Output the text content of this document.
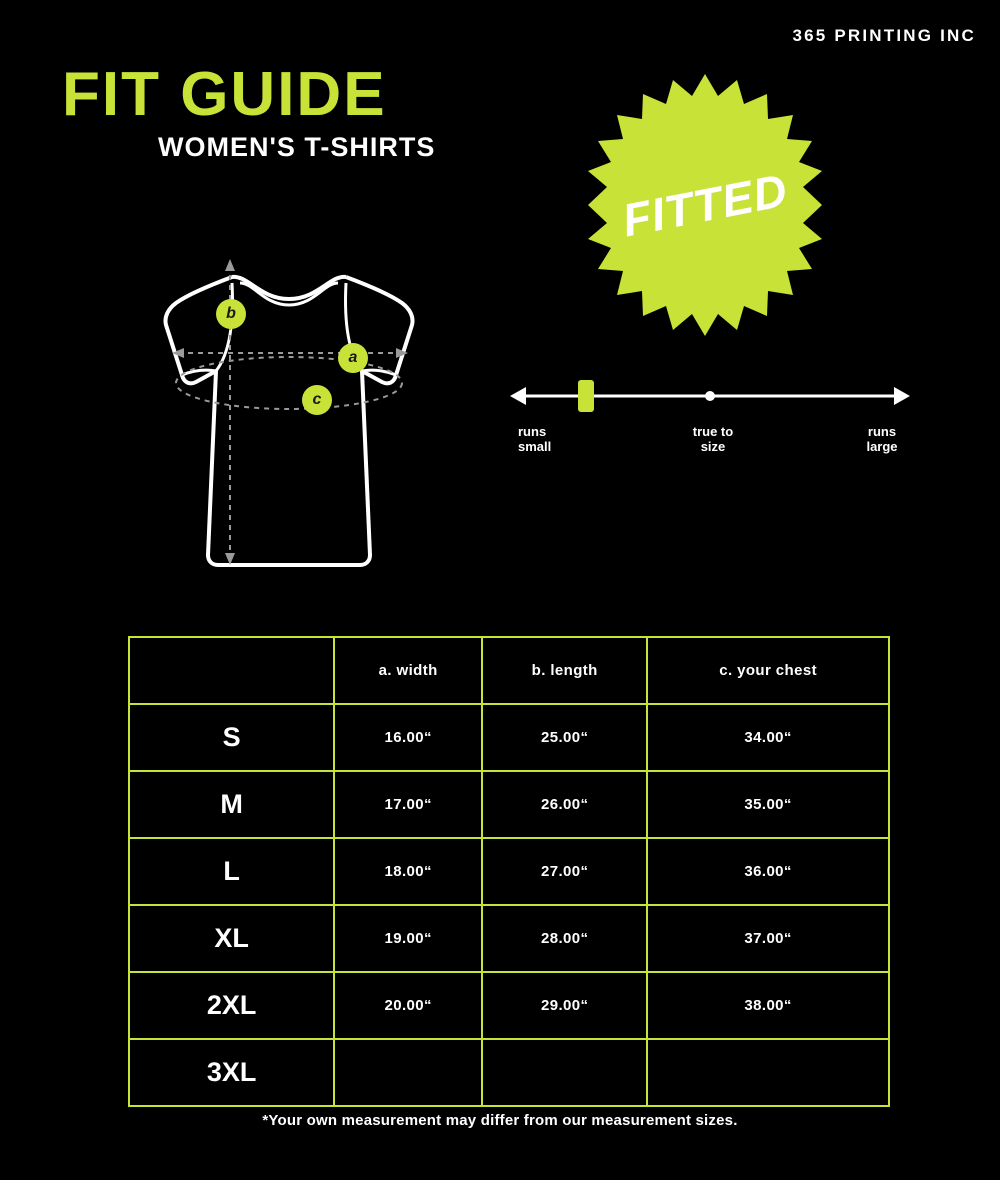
365 PRINTING INC
FIT GUIDE
WOMEN'S T-SHIRTS
b
a
c
FITTED
runs
small
true to
size
runs
large
	a. width	b. length	c. your chest
S	16.00“	25.00“	34.00“
M	17.00“	26.00“	35.00“
L	18.00“	27.00“	36.00“
XL	19.00“	28.00“	37.00“
2XL	20.00“	29.00“	38.00“
3XL			
*Your own measurement may differ from our measurement sizes.
